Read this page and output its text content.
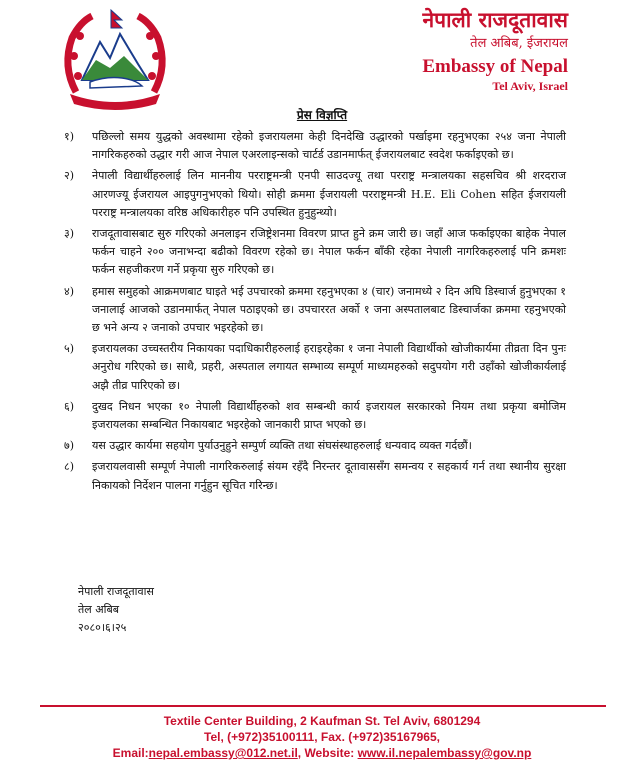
नेपाली राजदूतावास
तेल अबिब, ईजरायल
Embassy of Nepal
Tel Aviv, Israel
प्रेस विज्ञप्ति
१)	पछिल्लो समय युद्धको अवस्थामा रहेको इजरायलमा केही दिनदेखि उद्धारको पर्खाइमा रहनुभएका २५४ जना नेपाली नागरिकहरुको उद्धार गरी आज नेपाल एअरलाइन्सको चार्टर्ड उडानमार्फत् ईजरायलबाट स्वदेश फर्काइएको छ।
२)	नेपाली विद्यार्थीहरुलाई लिन माननीय परराष्ट्रमन्त्री एनपी साउदज्यू तथा परराष्ट्र मन्त्रालयका सहसचिव श्री शरदराज आरणज्यू ईजरायल आइपुगनुभएको थियो। सोही क्रममा ईजरायली परराष्ट्रमन्त्री H.E. Eli Cohen सहित ईजरायली परराष्ट्र मन्त्रालयका वरिष्ठ अधिकारीहरु पनि उपस्थित हुनुहुन्थ्यो।
३)	राजदूतावासबाट सुरु गरिएको अनलाइन रजिष्ट्रेशनमा विवरण प्राप्त हुने क्रम जारी छ। जहाँ आज फर्काइएका बाहेक नेपाल फर्कन चाहने २०० जनाभन्दा बढीको विवरण रहेको छ। नेपाल फर्कन बाँकी रहेका नेपाली नागरिकहरुलाई पनि क्रमशः फर्कन सहजीकरण गर्ने प्रकृया सुरु गरिएको छ।
४)	हमास समुहको आक्रमणबाट घाइते भई उपचारको क्रममा रहनुभएका ४ (चार) जनामध्ये २ दिन अघि डिस्चार्ज हुनुभएका १ जनालाई आजको उडानमार्फत् नेपाल पठाइएको छ। उपचाररत अर्को १ जना अस्पतालबाट डिस्चार्जका क्रममा रहनुभएको छ भने अन्य २ जनाको उपचार भइरहेको छ।
५)	इजरायलका उच्चस्तरीय निकायका पदाधिकारीहरुलाई हराइरहेका १ जना नेपाली विद्यार्थीको खोजीकार्यमा तीव्रता दिन पुनः अनुरोध गरिएको छ। साथै, प्रहरी, अस्पताल लगायत सम्भाव्य सम्पूर्ण माध्यमहरुको सदुपयोग गरी उहाँको खोजीकार्यलाई अझै तीव्र पारिएको छ।
६)	दुखद निधन भएका १० नेपाली विद्यार्थीहरुको शव सम्बन्धी कार्य इजरायल सरकारको नियम तथा प्रकृया बमोजिम इजरायलका सम्बन्धित निकायबाट भइरहेको जानकारी प्राप्त भएको छ।
७)	यस उद्धार कार्यमा सहयोग पुर्याउनुहुने सम्पुर्ण व्यक्ति तथा संघसंस्थाहरुलाई धन्यवाद व्यक्त गर्दछौं।
८)	इजरायलवासी सम्पूर्ण नेपाली नागरिकरुलाई संयम रहँदै निरन्तर दूतावाससँग समन्वय र सहकार्य गर्न तथा स्थानीय सुरक्षा निकायको निर्देशन पालना गर्नुहुन सूचित गरिन्छ।
नेपाली राजदूतावास
तेल अबिब
२०८०।६।२५
Textile Center Building, 2 Kaufman St. Tel Aviv, 6801294
Tel, (+972)35100111, Fax. (+972)35167965,
Email:nepal.embassy@012.net.il, Website: www.il.nepalembassy@gov.np
